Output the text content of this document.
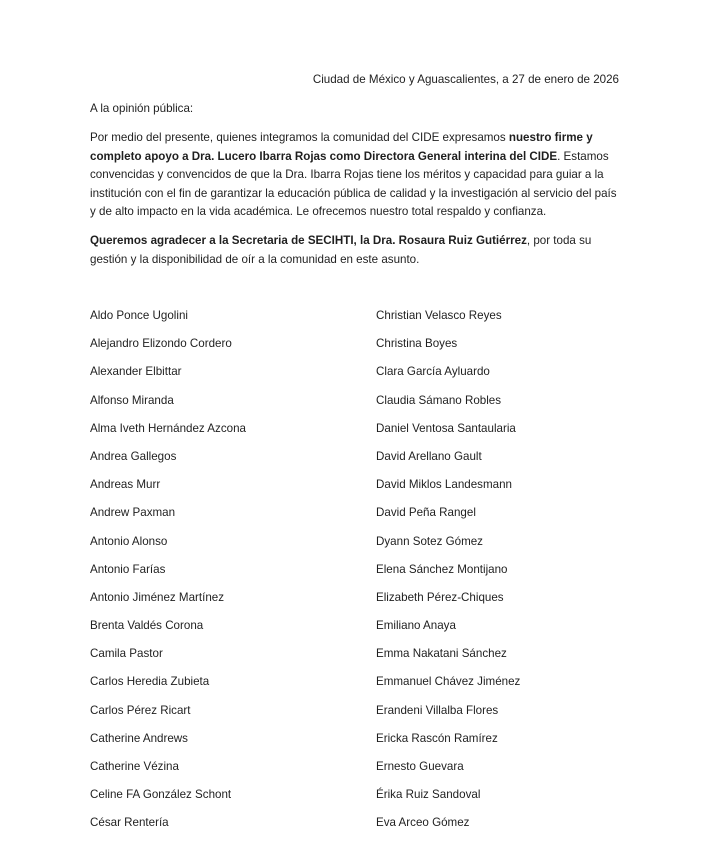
Ciudad de México y Aguascalientes, a 27 de enero de 2026
A la opinión pública:

Por medio del presente, quienes integramos la comunidad del CIDE expresamos nuestro firme y completo apoyo a Dra. Lucero Ibarra Rojas como Directora General interina del CIDE. Estamos convencidas y convencidos de que la Dra. Ibarra Rojas tiene los méritos y capacidad para guiar a la institución con el fin de garantizar la educación pública de calidad y la investigación al servicio del país y de alto impacto en la vida académica. Le ofrecemos nuestro total respaldo y confianza.

Queremos agradecer a la Secretaria de SECIHTI, la Dra. Rosaura Ruiz Gutiérrez, por toda su gestión y la disponibilidad de oír a la comunidad en este asunto.

Aldo Ponce Ugolini
Alejandro Elizondo Cordero
Alexander Elbittar
Alfonso Miranda
Alma Iveth Hernández Azcona
Andrea Gallegos
Andreas Murr
Andrew Paxman
Antonio Alonso
Antonio Farías
Antonio Jiménez Martínez
Brenta Valdés Corona
Camila Pastor
Carlos Heredia Zubieta
Carlos Pérez Ricart
Catherine Andrews
Catherine Vézina
Celine FA González Schont
César Rentería
Christian Velasco Reyes
Christina Boyes
Clara García Ayluardo
Claudia Sámano Robles
Daniel Ventosa Santaularia
David Arellano Gault
David Miklos Landesmann
David Peña Rangel
Dyann Sotez Gómez
Elena Sánchez Montijano
Elizabeth Pérez-Chiques
Emiliano Anaya
Emma Nakatani Sánchez
Emmanuel Chávez Jiménez
Erandeni Villalba Flores
Ericka Rascón Ramírez
Ernesto Guevara
Érika Ruiz Sandoval
Eva Arceo Gómez
